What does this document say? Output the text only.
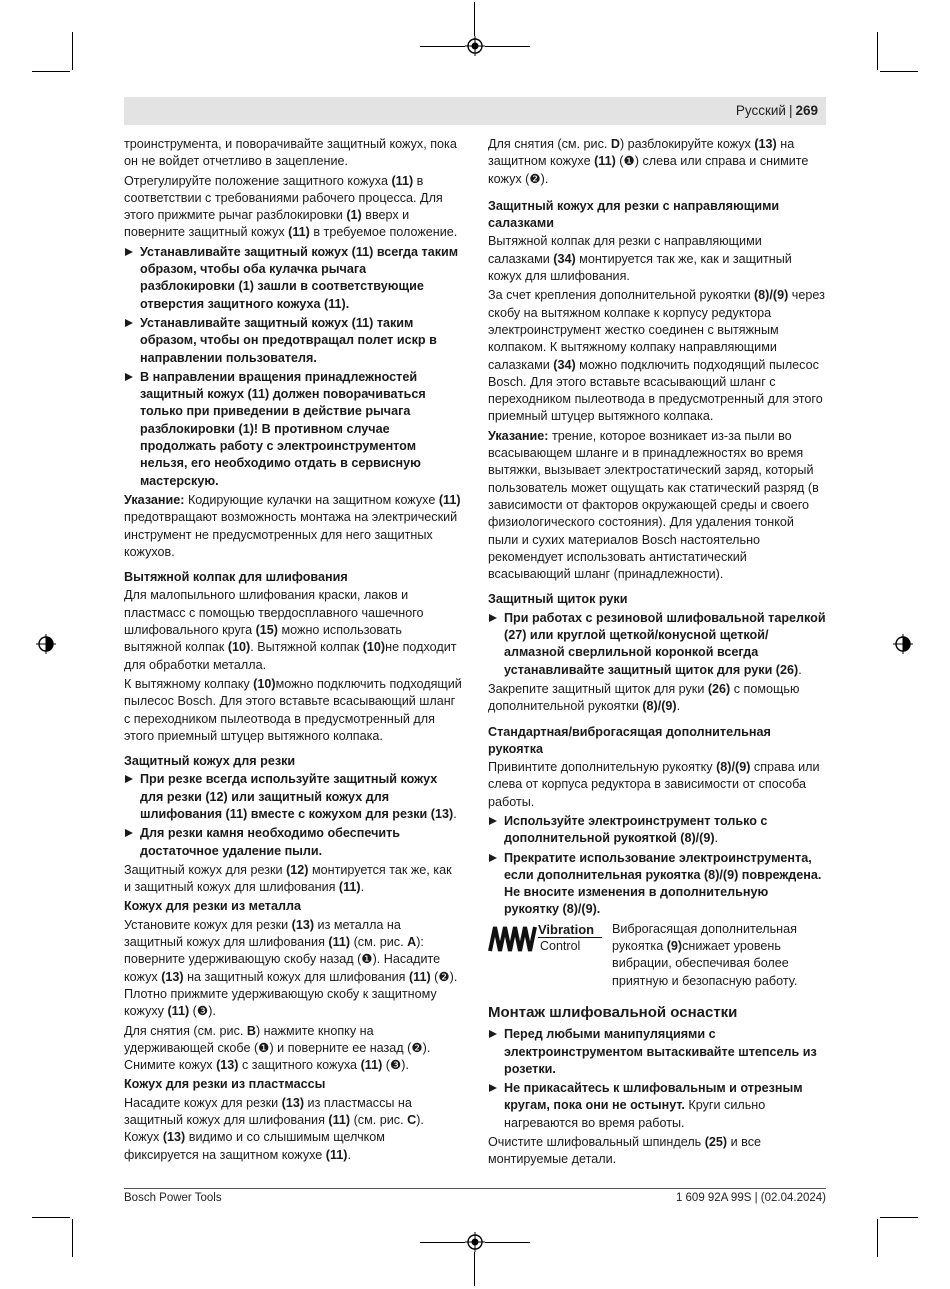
Русский | 269

троинструмента, и поворачивайте защитный кожух, пока он не войдет отчетливо в зацепление.

Отрегулируйте положение защитного кожуха (11) в соответствии с требованиями рабочего процесса. Для этого прижмите рычаг разблокировки (1) вверх и поверните защитный кожух (11) в требуемое положение.

Устанавливайте защитный кожух (11) всегда таким образом, чтобы оба кулачка рычага разблокировки (1) зашли в соответствующие отверстия защитного кожуха (11).

Устанавливайте защитный кожух (11) таким образом, чтобы он предотвращал полет искр в направлении пользователя.

В направлении вращения принадлежностей защитный кожух (11) должен поворачиваться только при приведении в действие рычага разблокировки (1)! В противном случае продолжать работу с электроинструментом нельзя, его необходимо отдать в сервисную мастерскую.

Указание: Кодирующие кулачки на защитном кожухе (11) предотвращают возможность монтажа на электрический инструмент не предусмотренных для него защитных кожухов.

Вытяжной колпак для шлифования

Для малопыльного шлифования краски, лаков и пластмасс с помощью твердосплавного чашечного шлифовального круга (15) можно использовать вытяжной колпак (10). Вытяжной колпак (10)не подходит для обработки металла.

К вытяжному колпаку (10)можно подключить подходящий пылесос Bosch. Для этого вставьте всасывающий шланг с переходником пылеотвода в предусмотренный для этого приемный штуцер вытяжного колпака.

Защитный кожух для резки

При резке всегда используйте защитный кожух для резки (12) или защитный кожух для шлифования (11) вместе с кожухом для резки (13).

Для резки камня необходимо обеспечить достаточное удаление пыли.

Защитный кожух для резки (12) монтируется так же, как и защитный кожух для шлифования (11).

Кожух для резки из металла

Установите кожух для резки (13) из металла на защитный кожух для шлифования (11) (см. рис. A): поверните удерживающую скобу назад (❶). Насадите кожух (13) на защитный кожух для шлифования (11) (❷). Плотно прижмите удерживающую скобу к защитному кожуху (11) (❸).

Для снятия (см. рис. B) нажмите кнопку на удерживающей скобе (❶) и поверните ее назад (❷). Снимите кожух (13) с защитного кожуха (11) (❸).

Кожух для резки из пластмассы

Насадите кожух для резки (13) из пластмассы на защитный кожух для шлифования (11) (см. рис. C). Кожух (13) видимо и со слышимым щелчком фиксируется на защитном кожухе (11).

Для снятия (см. рис. D) разблокируйте кожух (13) на защитном кожухе (11) (❶) слева или справа и снимите кожух (❷).

Защитный кожух для резки с направляющими салазками

Вытяжной колпак для резки с направляющими салазками (34) монтируется так же, как и защитный кожух для шлифования.

За счет крепления дополнительной рукоятки (8)/(9) через скобу на вытяжном колпаке к корпусу редуктора электроинструмент жестко соединен с вытяжным колпаком. К вытяжному колпаку направляющими салазками (34) можно подключить подходящий пылесос Bosch. Для этого вставьте всасывающий шланг с переходником пылеотвода в предусмотренный для этого приемный штуцер вытяжного колпака.

Указание: трение, которое возникает из-за пыли во всасывающем шланге и в принадлежностях во время вытяжки, вызывает электростатический заряд, который пользователь может ощущать как статический разряд (в зависимости от факторов окружающей среды и своего физиологического состояния). Для удаления тонкой пыли и сухих материалов Bosch настоятельно рекомендует использовать антистатический всасывающий шланг (принадлежности).

Защитный щиток руки

При работах с резиновой шлифовальной тарелкой (27) или круглой щеткой/конусной щеткой/алмазной сверлильной коронкой всегда устанавливайте защитный щиток для руки (26).

Закрепите защитный щиток для руки (26) с помощью дополнительной рукоятки (8)/(9).

Стандартная/виброгасящая дополнительная рукоятка

Привинтите дополнительную рукоятку (8)/(9) справа или слева от корпуса редуктора в зависимости от способа работы.

Используйте электроинструмент только с дополнительной рукояткой (8)/(9).

Прекратите использование электроинструмента, если дополнительная рукоятка (8)/(9) повреждена. Не вносите изменения в дополнительную рукоятку (8)/(9).

Vibration
Control
Виброгасящая дополнительная рукоятка (9)снижает уровень вибрации, обеспечивая более приятную и безопасную работу.
Монтаж шлифовальной оснастки

Перед любыми манипуляциями с электроинструментом вытаскивайте штепсель из розетки.

Не прикасайтесь к шлифовальным и отрезным кругам, пока они не остынут. Круги сильно нагреваются во время работы.

Очистите шлифовальный шпиндель (25) и все монтируемые детали.

Bosch Power Tools	1 609 92A 99S | (02.04.2024)
